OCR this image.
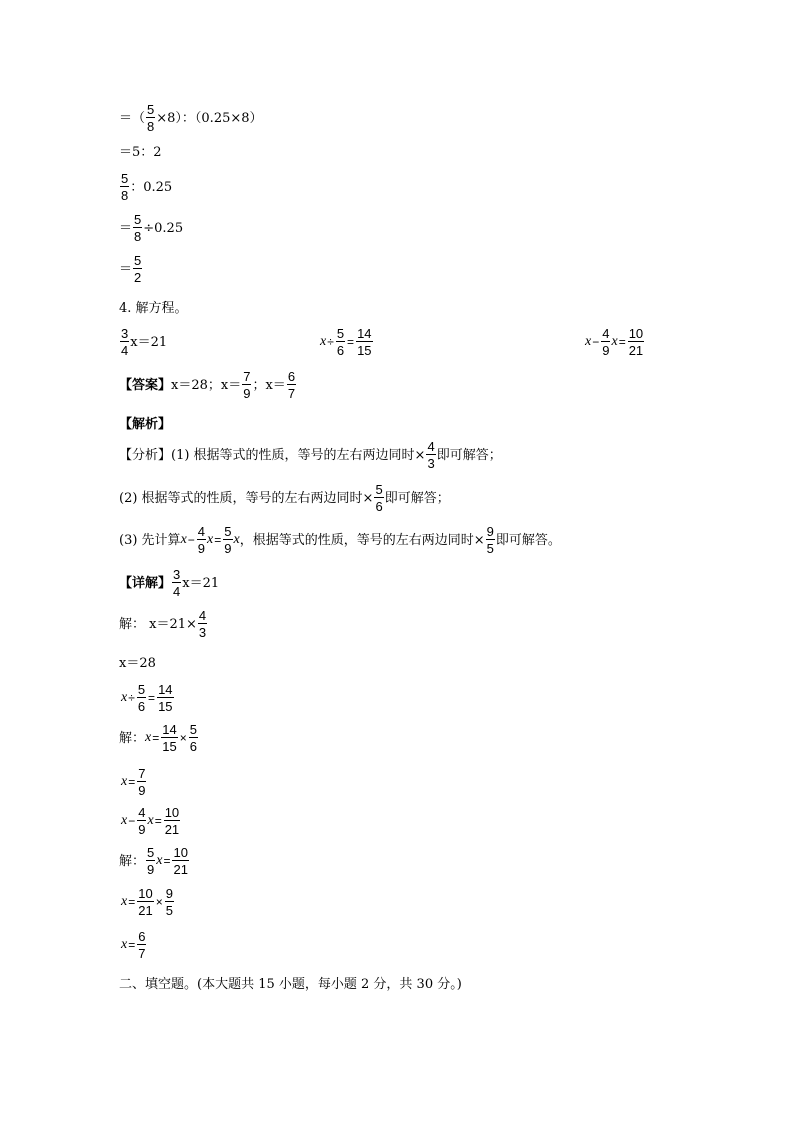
＝（ $\frac{5}{8} \times 8$）：（0.25×8）
＝5：2
$\frac{5}{8}$ ：0.25
＝ $\frac{5}{8} \div 0.25$
＝ $\frac{5}{2}$
4. 解方程。
$\frac{3}{4} x=21$	$x \div \frac{5}{6} = \frac{14}{15}$	$x - \frac{4}{9}$ $x = \frac{10}{21}$
【答案】 x＝28；$x= \frac{7}{9}$ ；$x= \frac{6}{7}$
【解析】
【分析】(1) 根据等式的性质，等号的左右两边同时× $\frac{4}{3}$ 即可解答；
(2) 根据等式的性质，等号的左右两边同时× $\frac{5}{6}$ 即可解答；
(3) 先计算 $x - \frac{4}{9}$ $x = \frac{5}{9}$ x ，根据等式的性质，等号的左右两边同时× $\frac{9}{5}$ 即可解答。
【详解】 $\frac{3}{4} x=21$
解： $x=21\times \frac{4}{3}$
x＝28
$x \div \frac{5}{6} = \frac{14}{15}$
解： $x = \frac{14}{15} \times \frac{5}{6}$
$x = \frac{7}{9}$
$x - \frac{4}{9}$ $x = \frac{10}{21}$
解： $\frac{5}{9}$ $x = \frac{10}{21}$
$x = \frac{10}{21} \times \frac{9}{5}$
$x = \frac{6}{7}$
二、填空题。(本大题共 15 小题，每小题 2 分，共 30 分。)
